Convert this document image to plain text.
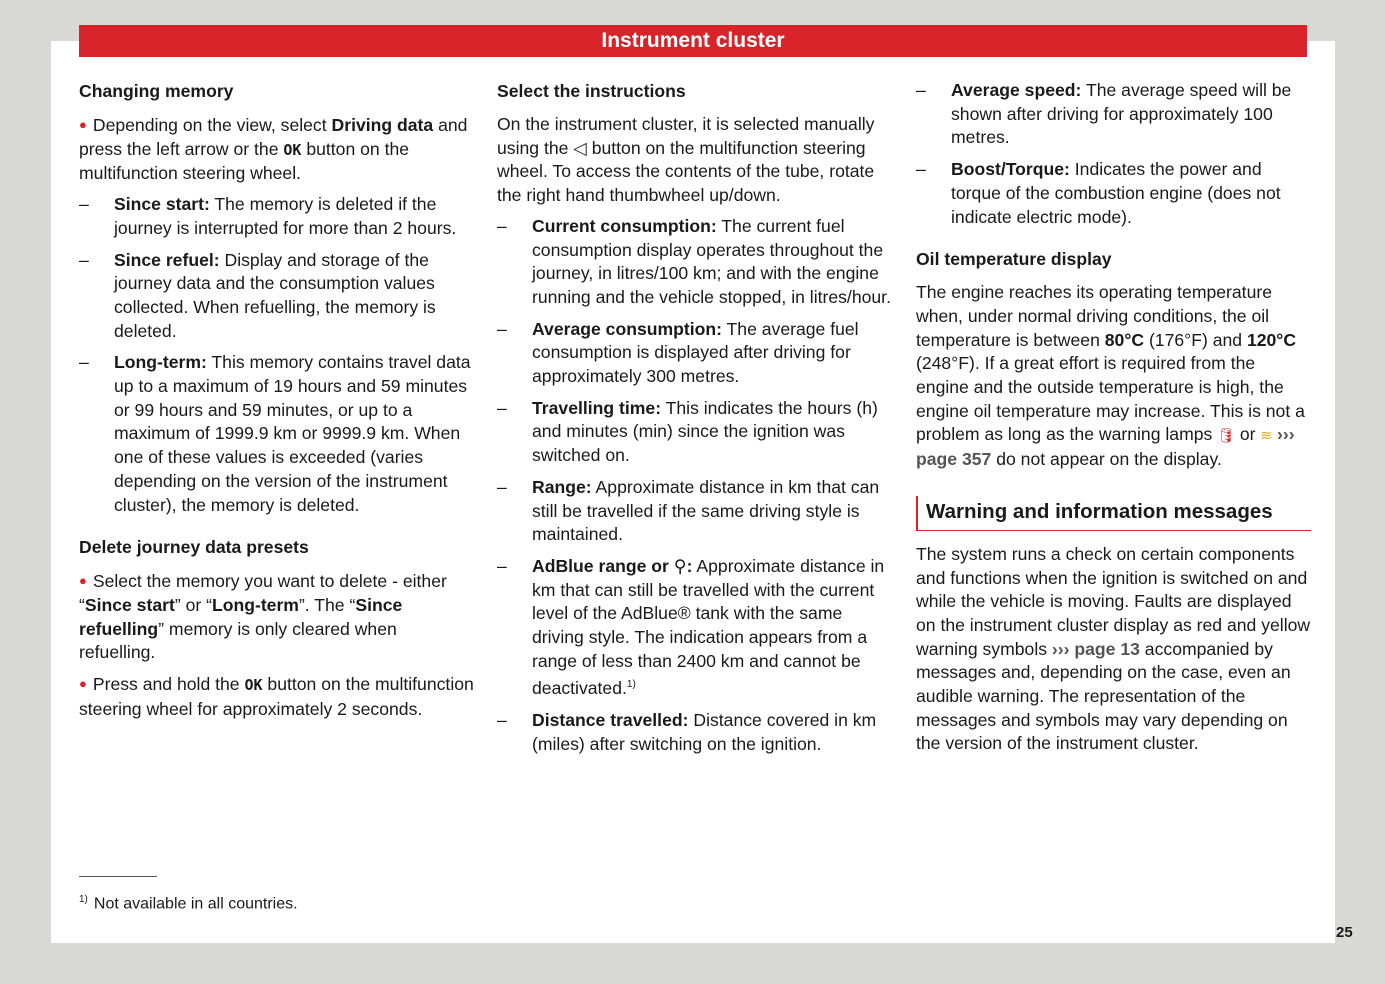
Instrument cluster
Changing memory

● Depending on the view, select Driving data and press the left arrow or the OK button on the multifunction steering wheel.

– Since start: The memory is deleted if the journey is interrupted for more than 2 hours.
– Since refuel: Display and storage of the journey data and the consumption values collected. When refuelling, the memory is deleted.
– Long-term: This memory contains travel data up to a maximum of 19 hours and 59 minutes or 99 hours and 59 minutes, or up to a maximum of 1999.9 km or 9999.9 km. When one of these values is exceeded (varies depending on the version of the instrument cluster), the memory is deleted.
Delete journey data presets

● Select the memory you want to delete - either “Since start” or “Long-term”. The “Since refuelling” memory is only cleared when refuelling.

● Press and hold the OK button on the multifunction steering wheel for approximately 2 seconds.

Select the instructions

On the instrument cluster, it is selected manually using the ◁ button on the multifunction steering wheel. To access the contents of the tube, rotate the right hand thumbwheel up/down.

– Current consumption: The current fuel consumption display operates throughout the journey, in litres/100 km; and with the engine running and the vehicle stopped, in litres/hour.
– Average consumption: The average fuel consumption is displayed after driving for approximately 300 metres.
– Travelling time: This indicates the hours (h) and minutes (min) since the ignition was switched on.
– Range: Approximate distance in km that can still be travelled if the same driving style is maintained.
– AdBlue range or ⚲: Approximate distance in km that can still be travelled with the current level of the AdBlue® tank with the same driving style. The indication appears from a range of less than 2400 km and cannot be deactivated.$^{1)}$
– Distance travelled: Distance covered in km (miles) after switching on the ignition.
– Average speed: The average speed will be shown after driving for approximately 100 metres.
– Boost/Torque: Indicates the power and torque of the combustion engine (does not indicate electric mode).
Oil temperature display

The engine reaches its operating temperature when, under normal driving conditions, the oil temperature is between 80°C (176°F) and 120°C (248°F). If a great effort is required from the engine and the outside temperature is high, the engine oil temperature may increase. This is not a problem as long as the warning lamps 🛢 or ≋ ››› page 357 do not appear on the display.

Warning and information messages

The system runs a check on certain components and functions when the ignition is switched on and while the vehicle is moving. Faults are displayed on the instrument cluster display as red and yellow warning symbols ››› page 13 accompanied by messages and, depending on the case, even an audible warning. The representation of the messages and symbols may vary depending on the version of the instrument cluster.

$^{1)}$ Not available in all countries.
25
